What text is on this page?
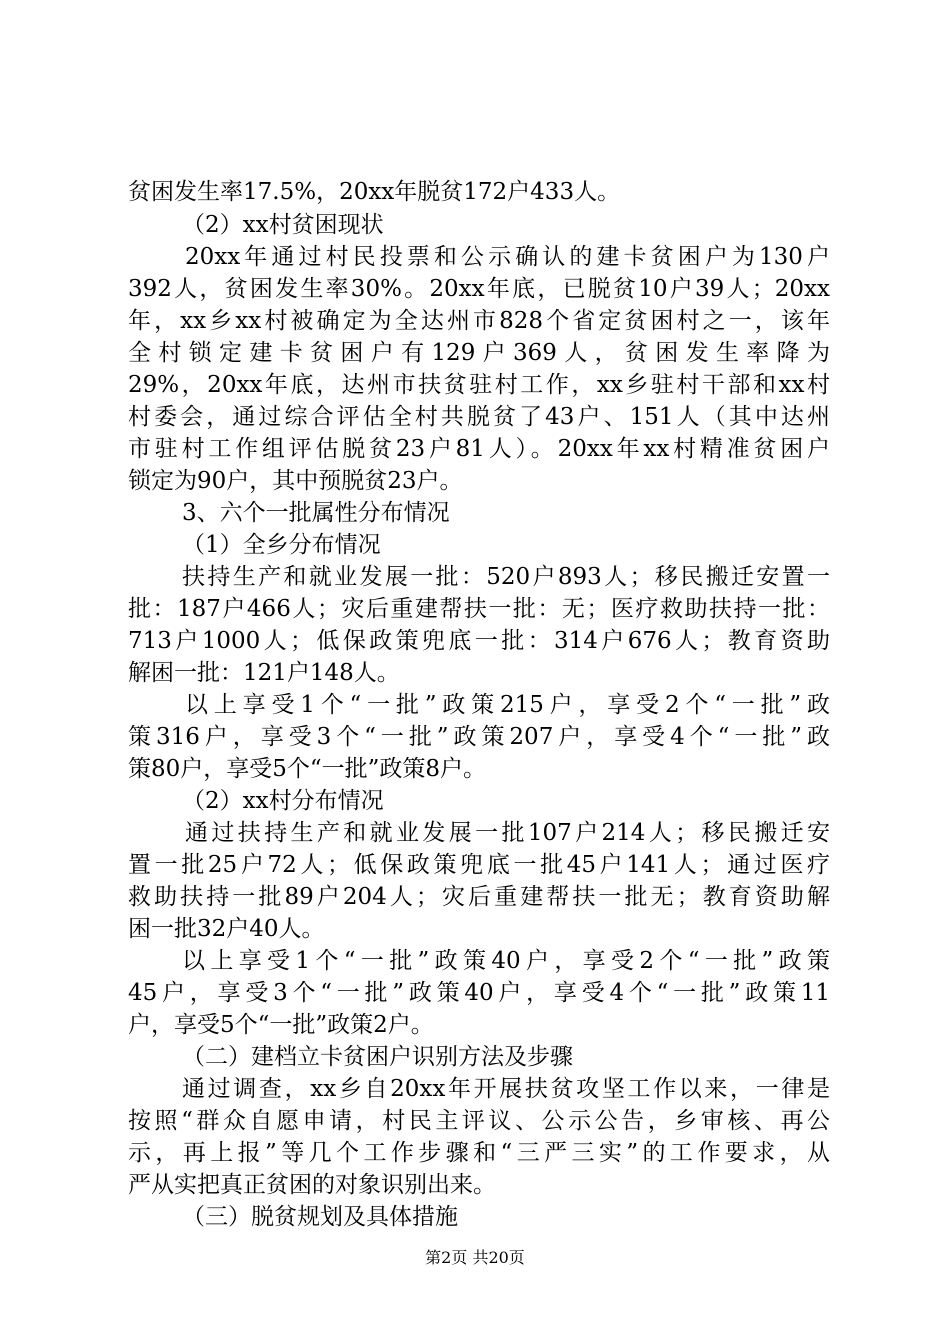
贫困发生率17.5%，20xx年脱贫172户433人。
（2）xx村贫困现状
20xx年通过村民投票和公示确认的建卡贫困户为130户
392人，贫困发生率30%。20xx年底，已脱贫10户39人；20xx
年，xx乡xx村被确定为全达州市828个省定贫困村之一，该年
全村锁定建卡贫困户有129户369人，贫困发生率降为
29%，20xx年底，达州市扶贫驻村工作，xx乡驻村干部和xx村
村委会，通过综合评估全村共脱贫了43户、151人（其中达州
市驻村工作组评估脱贫23户81人）。20xx年xx村精准贫困户
锁定为90户，其中预脱贫23户。
3、六个一批属性分布情况
（1）全乡分布情况
扶持生产和就业发展一批：520户893人；移民搬迁安置一
批：187户466人；灾后重建帮扶一批：无；医疗救助扶持一批：
713户1000人；低保政策兜底一批：314户676人；教育资助
解困一批：121户148人。
以上享受1个“一批”政策215户，享受2个“一批”政
策316户，享受3个“一批”政策207户，享受4个“一批”政
策80户，享受5个“一批”政策8户。
（2）xx村分布情况
通过扶持生产和就业发展一批107户214人；移民搬迁安
置一批25户72人；低保政策兜底一批45户141人；通过医疗
救助扶持一批89户204人；灾后重建帮扶一批无；教育资助解
困一批32户40人。
以上享受1个“一批”政策40户，享受2个“一批”政策
45户，享受3个“一批”政策40户，享受4个“一批”政策11
户，享受5个“一批”政策2户。
（二）建档立卡贫困户识别方法及步骤
通过调查，xx乡自20xx年开展扶贫攻坚工作以来，一律是
按照“群众自愿申请，村民主评议、公示公告，乡审核、再公
示，再上报”等几个工作步骤和“三严三实”的工作要求，从
严从实把真正贫困的对象识别出来。
（三）脱贫规划及具体措施
第2页 共20页
